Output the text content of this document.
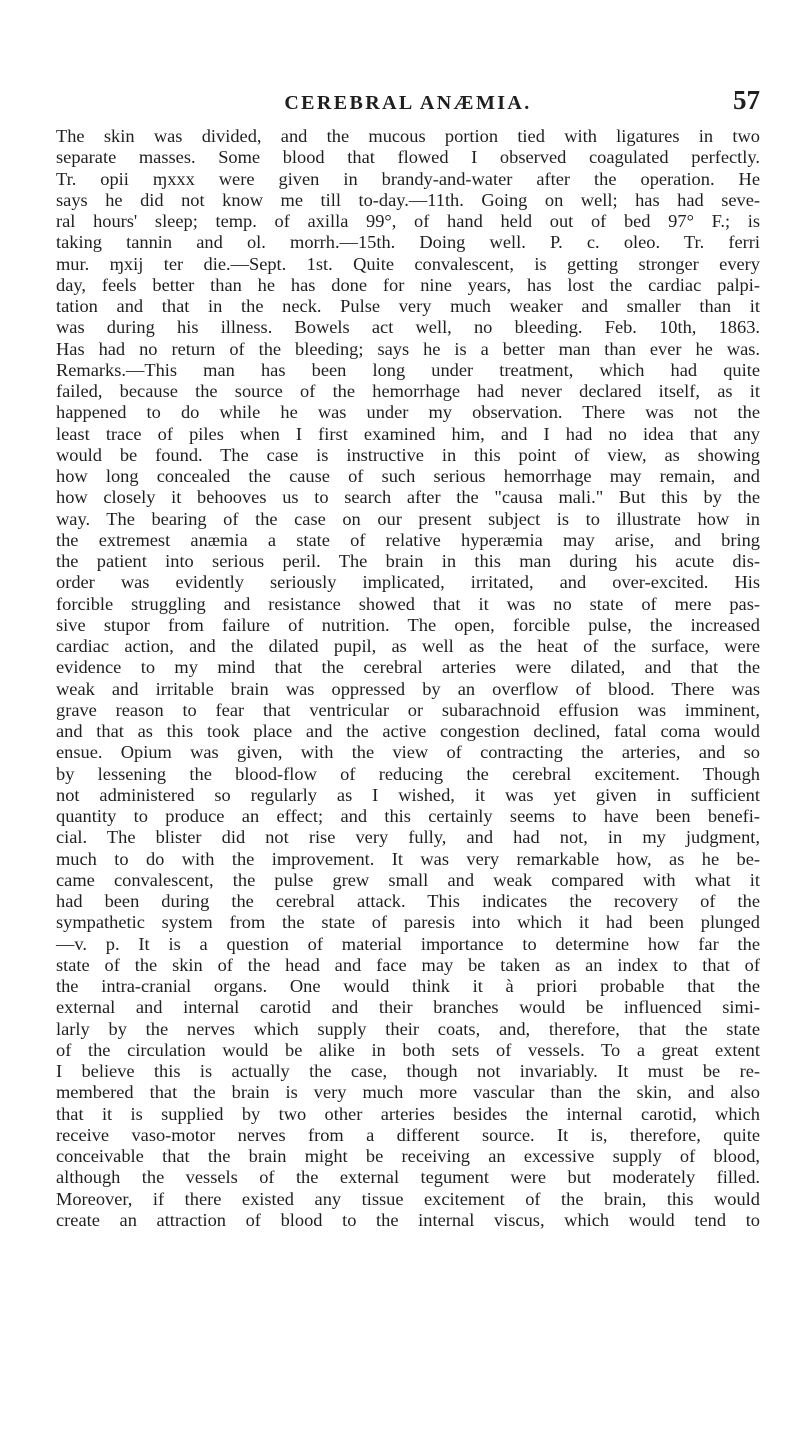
CEREBRAL ANÆMIA.	57
The skin was divided, and the mucous portion tied with ligatures in two
separate masses. Some blood that flowed I observed coagulated perfectly.
Tr. opii ɱxxx were given in brandy-and-water after the operation. He
says he did not know me till to-day.—11th. Going on well; has had seve-
ral hours' sleep; temp. of axilla 99°, of hand held out of bed 97° F.; is
taking tannin and ol. morrh.—15th. Doing well. P. c. oleo. Tr. ferri
mur. ɱxij ter die.—Sept. 1st. Quite convalescent, is getting stronger every
day, feels better than he has done for nine years, has lost the cardiac palpi-
tation and that in the neck. Pulse very much weaker and smaller than it
was during his illness. Bowels act well, no bleeding. Feb. 10th, 1863.
Has had no return of the bleeding; says he is a better man than ever he was.
Remarks.—This man has been long under treatment, which had quite
failed, because the source of the hemorrhage had never declared itself, as it
happened to do while he was under my observation. There was not the
least trace of piles when I first examined him, and I had no idea that any
would be found. The case is instructive in this point of view, as showing
how long concealed the cause of such serious hemorrhage may remain, and
how closely it behooves us to search after the "causa mali." But this by the
way. The bearing of the case on our present subject is to illustrate how in
the extremest anæmia a state of relative hyperæmia may arise, and bring
the patient into serious peril. The brain in this man during his acute dis-
order was evidently seriously implicated, irritated, and over-excited. His
forcible struggling and resistance showed that it was no state of mere pas-
sive stupor from failure of nutrition. The open, forcible pulse, the increased
cardiac action, and the dilated pupil, as well as the heat of the surface, were
evidence to my mind that the cerebral arteries were dilated, and that the
weak and irritable brain was oppressed by an overflow of blood. There was
grave reason to fear that ventricular or subarachnoid effusion was imminent,
and that as this took place and the active congestion declined, fatal coma would
ensue. Opium was given, with the view of contracting the arteries, and so
by lessening the blood-flow of reducing the cerebral excitement. Though
not administered so regularly as I wished, it was yet given in sufficient
quantity to produce an effect; and this certainly seems to have been benefi-
cial. The blister did not rise very fully, and had not, in my judgment,
much to do with the improvement. It was very remarkable how, as he be-
came convalescent, the pulse grew small and weak compared with what it
had been during the cerebral attack. This indicates the recovery of the
sympathetic system from the state of paresis into which it had been plunged
—v. p. It is a question of material importance to determine how far the
state of the skin of the head and face may be taken as an index to that of
the intra-cranial organs. One would think it à priori probable that the
external and internal carotid and their branches would be influenced simi-
larly by the nerves which supply their coats, and, therefore, that the state
of the circulation would be alike in both sets of vessels. To a great extent
I believe this is actually the case, though not invariably. It must be re-
membered that the brain is very much more vascular than the skin, and also
that it is supplied by two other arteries besides the internal carotid, which
receive vaso-motor nerves from a different source. It is, therefore, quite
conceivable that the brain might be receiving an excessive supply of blood,
although the vessels of the external tegument were but moderately filled.
Moreover, if there existed any tissue excitement of the brain, this would
create an attraction of blood to the internal viscus, which would tend to
